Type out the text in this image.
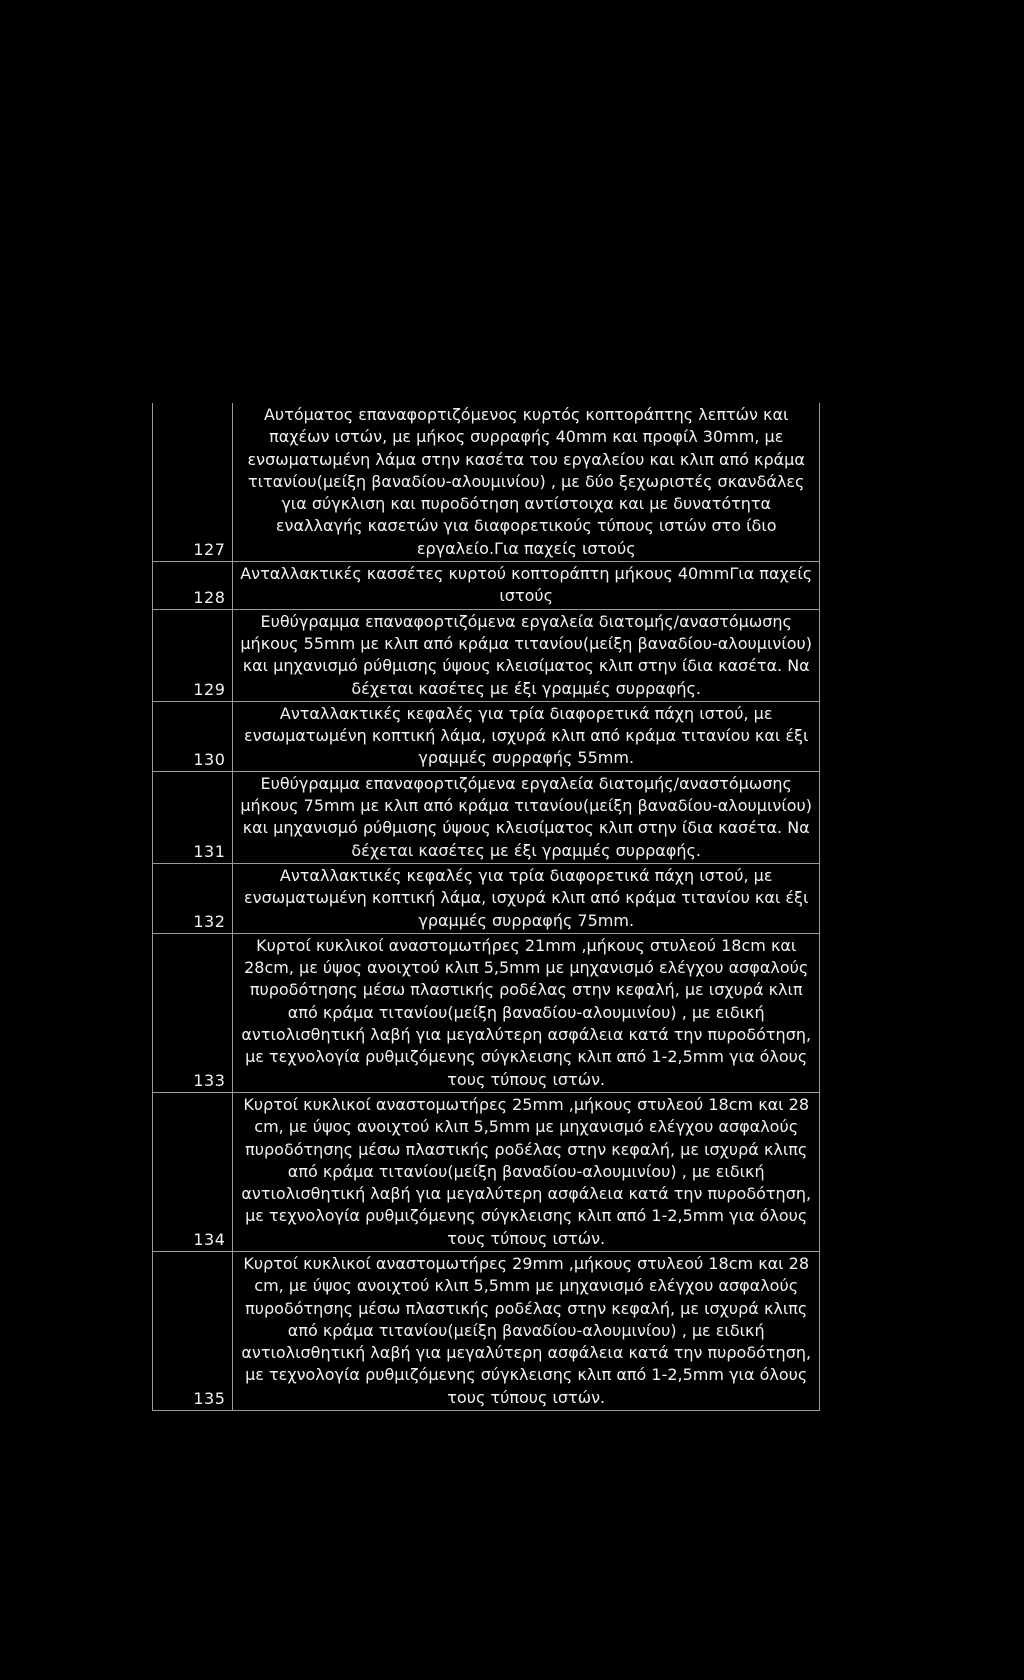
127	Αυτόματος επαναφορτιζόμενος κυρτός κοπτοράπτης λεπτών και παχέων ιστών, με μήκος συρραφής 40mm και προφίλ 30mm, με ενσωματωμένη λάμα στην κασέτα του εργαλείου και κλιπ από κράμα τιτανίου(μείξη βαναδίου-αλουμινίου) , με δύο ξεχωριστές σκανδάλες για σύγκλιση και πυροδότηση αντίστοιχα και με δυνατότητα εναλλαγής κασετών για διαφορετικούς τύπους ιστών στο ίδιο εργαλείο.Για παχείς ιστούς
128	Ανταλλακτικές κασσέτες κυρτού κοπτοράπτη μήκους 40mmΓια παχείς ιστούς
129	Ευθύγραμμα επαναφορτιζόμενα εργαλεία διατομής/αναστόμωσης μήκους 55mm με κλιπ από κράμα τιτανίου(μείξη βαναδίου-αλουμινίου) και μηχανισμό ρύθμισης ύψους κλεισίματος κλιπ στην ίδια κασέτα. Να δέχεται κασέτες με έξι γραμμές συρραφής.
130	Ανταλλακτικές κεφαλές για τρία διαφορετικά πάχη ιστού, με ενσωματωμένη κοπτική λάμα, ισχυρά κλιπ από κράμα τιτανίου και έξι γραμμές συρραφής 55mm.
131	Ευθύγραμμα επαναφορτιζόμενα εργαλεία διατομής/αναστόμωσης μήκους 75mm με κλιπ από κράμα τιτανίου(μείξη βαναδίου-αλουμινίου) και μηχανισμό ρύθμισης ύψους κλεισίματος κλιπ στην ίδια κασέτα. Να δέχεται κασέτες με έξι γραμμές συρραφής.
132	Ανταλλακτικές κεφαλές για τρία διαφορετικά πάχη ιστού, με ενσωματωμένη κοπτική λάμα, ισχυρά κλιπ από κράμα τιτανίου και έξι γραμμές συρραφής 75mm.
133	Κυρτοί κυκλικοί αναστομωτήρες 21mm ,μήκους στυλεού 18cm και 28cm, με ύψος ανοιχτού κλιπ 5,5mm με μηχανισμό ελέγχου ασφαλούς πυροδότησης μέσω πλαστικής ροδέλας στην κεφαλή, με ισχυρά κλιπ από κράμα τιτανίου(μείξη βαναδίου-αλουμινίου) , με ειδική αντιολισθητική λαβή για μεγαλύτερη ασφάλεια κατά την πυροδότηση, με τεχνολογία ρυθμιζόμενης σύγκλεισης κλιπ από 1-2,5mm για όλους τους τύπους ιστών.
134	Κυρτοί κυκλικοί αναστομωτήρες 25mm ,μήκους στυλεού 18cm και 28 cm, με ύψος ανοιχτού κλιπ 5,5mm με μηχανισμό ελέγχου ασφαλούς πυροδότησης μέσω πλαστικής ροδέλας στην κεφαλή, με ισχυρά κλιπς από κράμα τιτανίου(μείξη βαναδίου-αλουμινίου) , με ειδική αντιολισθητική λαβή για μεγαλύτερη ασφάλεια κατά την πυροδότηση, με τεχνολογία ρυθμιζόμενης σύγκλεισης κλιπ από 1-2,5mm για όλους τους τύπους ιστών.
135	Κυρτοί κυκλικοί αναστομωτήρες 29mm ,μήκους στυλεού 18cm και 28 cm, με ύψος ανοιχτού κλιπ 5,5mm με μηχανισμό ελέγχου ασφαλούς πυροδότησης μέσω πλαστικής ροδέλας στην κεφαλή, με ισχυρά κλιπς από κράμα τιτανίου(μείξη βαναδίου-αλουμινίου) , με ειδική αντιολισθητική λαβή για μεγαλύτερη ασφάλεια κατά την πυροδότηση, με τεχνολογία ρυθμιζόμενης σύγκλεισης κλιπ από 1-2,5mm για όλους τους τύπους ιστών.
